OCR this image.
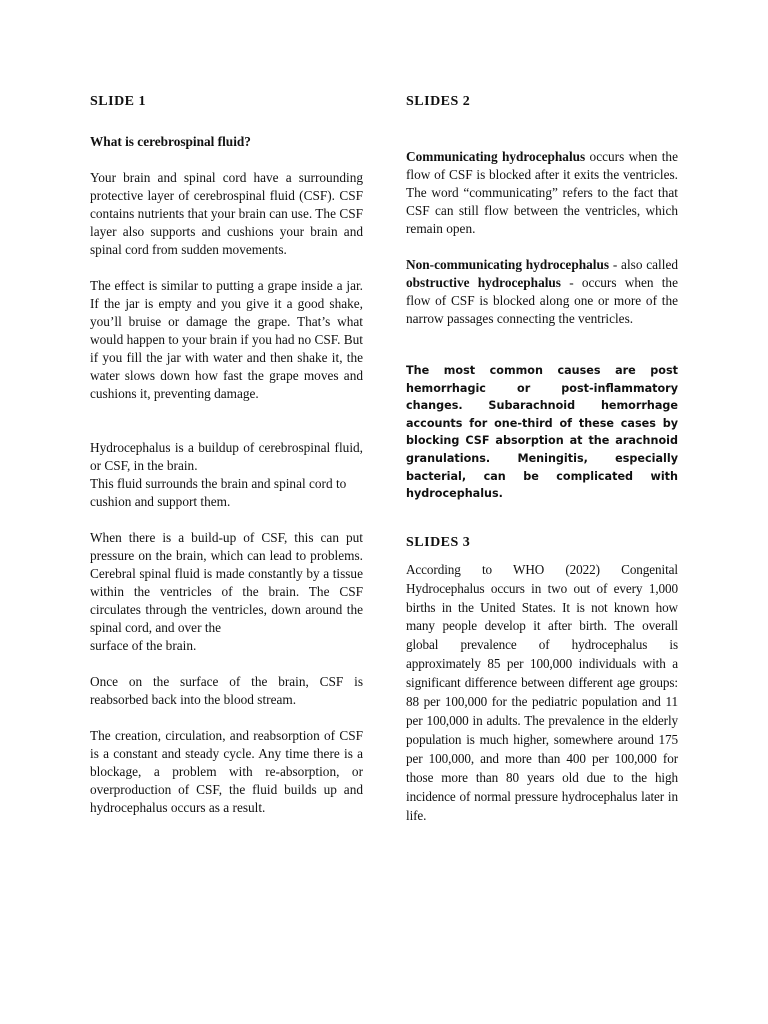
SLIDE 1

What is cerebrospinal fluid?

Your brain and spinal cord have a surrounding protective layer of cerebrospinal fluid (CSF). CSF contains nutrients that your brain can use. The CSF layer also supports and cushions your brain and spinal cord from sudden movements.

The effect is similar to putting a grape inside a jar. If the jar is empty and you give it a good shake, you’ll bruise or damage the grape. That’s what would happen to your brain if you had no CSF. But if you fill the jar with water and then shake it, the water slows down how fast the grape moves and cushions it, preventing damage.

Hydrocephalus is a buildup of cerebrospinal fluid, or CSF, in the brain.
This fluid surrounds the brain and spinal cord to cushion and support them.

When there is a build-up of CSF, this can put pressure on the brain, which can lead to problems. Cerebral spinal fluid is made constantly by a tissue within the ventricles of the brain. The CSF circulates through the ventricles, down around the spinal cord, and over the
surface of the brain.

Once on the surface of the brain, CSF is reabsorbed back into the blood stream.

The creation, circulation, and reabsorption of CSF is a constant and steady cycle. Any time there is a blockage, a problem with re-absorption, or overproduction of CSF, the fluid builds up and hydrocephalus occurs as a result.

SLIDES 2

Communicating hydrocephalus occurs when the flow of CSF is blocked after it exits the ventricles. The word “communicating” refers to the fact that CSF can still flow between the ventricles, which remain open.

Non-communicating hydrocephalus - also called obstructive hydrocephalus - occurs when the flow of CSF is blocked along one or more of the narrow passages connecting the ventricles.

The most common causes are post hemorrhagic or post-inflammatory changes. Subarachnoid hemorrhage accounts for one-third of these cases by blocking CSF absorption at the arachnoid granulations. Meningitis, especially bacterial, can be complicated with hydrocephalus.

SLIDES 3

According to WHO (2022) Congenital Hydrocephalus occurs in two out of every 1,000 births in the United States. It is not known how many people develop it after birth. The overall global prevalence of hydrocephalus is approximately 85 per 100,000 individuals with a significant difference between different age groups: 88 per 100,000 for the pediatric population and 11 per 100,000 in adults. The prevalence in the elderly population is much higher, somewhere around 175 per 100,000, and more than 400 per 100,000 for those more than 80 years old due to the high incidence of normal pressure hydrocephalus later in life.
